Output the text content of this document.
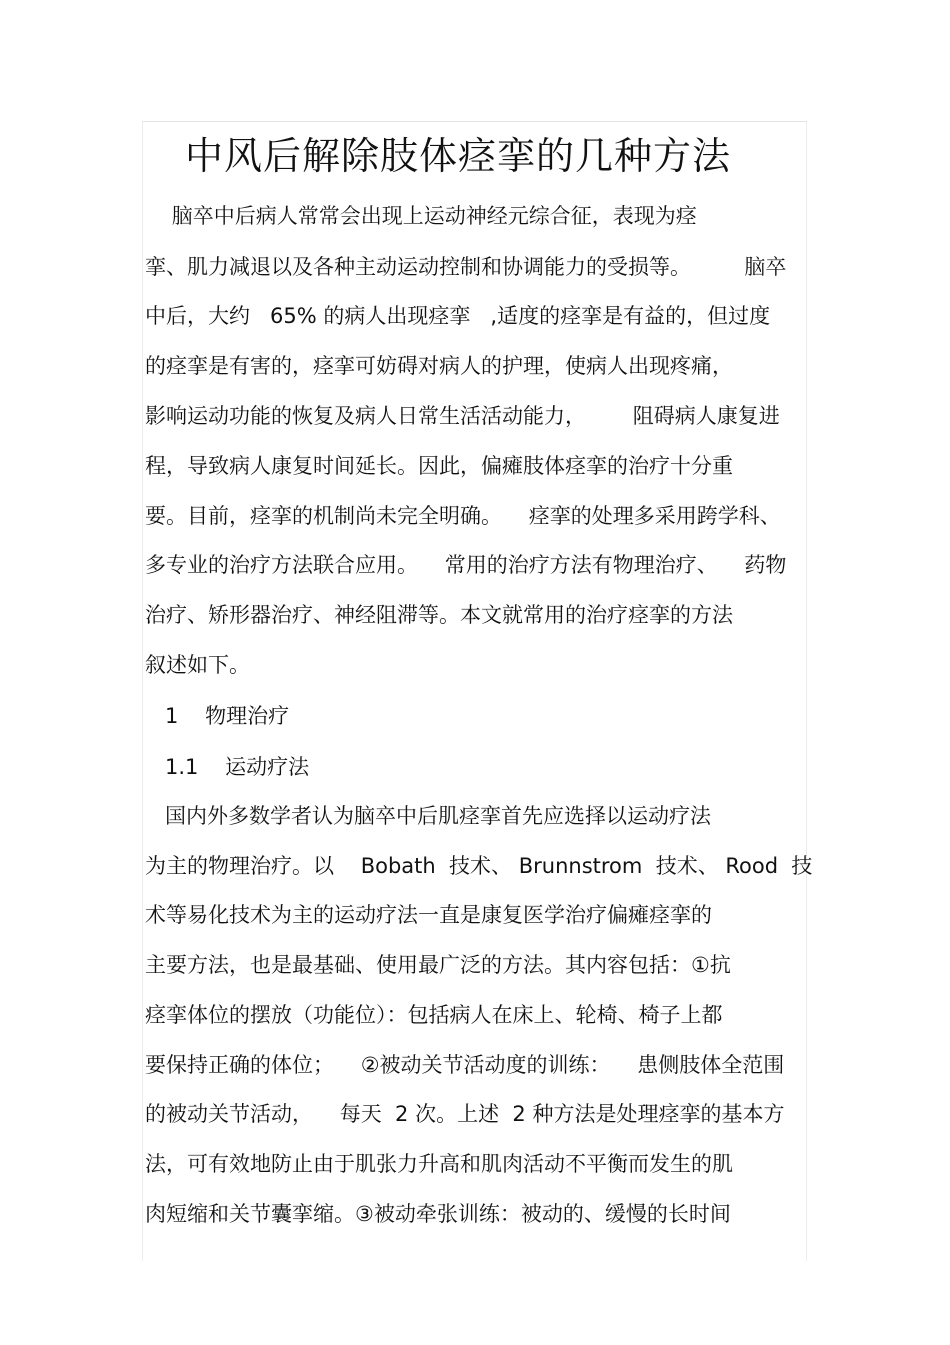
中风后解除肢体痉挛的几种方法

脑卒中后病人常常会出现上运动神经元综合征，表现为痉

挛、肌力减退以及各种主动运动控制和协调能力的受损等。        脑卒

中后，大约   65% 的病人出现痉挛   ,适度的痉挛是有益的，但过度

的痉挛是有害的，痉挛可妨碍对病人的护理，使病人出现疼痛，

影响运动功能的恢复及病人日常生活活动能力，       阻碍病人康复进

程，导致病人康复时间延长。因此，偏瘫肢体痉挛的治疗十分重

要。目前，痉挛的机制尚未完全明确。    痉挛的处理多采用跨学科、

多专业的治疗方法联合应用。    常用的治疗方法有物理治疗、    药物

治疗、矫形器治疗、神经阻滞等。本文就常用的治疗痉挛的方法

叙述如下。

1    物理治疗

1.1    运动疗法

国内外多数学者认为脑卒中后肌痉挛首先应选择以运动疗法

为主的物理治疗。以    Bobath  技术、 Brunnstrom  技术、 Rood  技

术等易化技术为主的运动疗法一直是康复医学治疗偏瘫痉挛的

主要方法，也是最基础、使用最广泛的方法。其内容包括：①抗

痉挛体位的摆放（功能位）：包括病人在床上、轮椅、椅子上都

要保持正确的体位；    ②被动关节活动度的训练：    患侧肢体全范围

的被动关节活动，    每天  2 次。上述  2 种方法是处理痉挛的基本方

法，可有效地防止由于肌张力升高和肌肉活动不平衡而发生的肌

肉短缩和关节囊挛缩。③被动牵张训练：被动的、缓慢的长时间
